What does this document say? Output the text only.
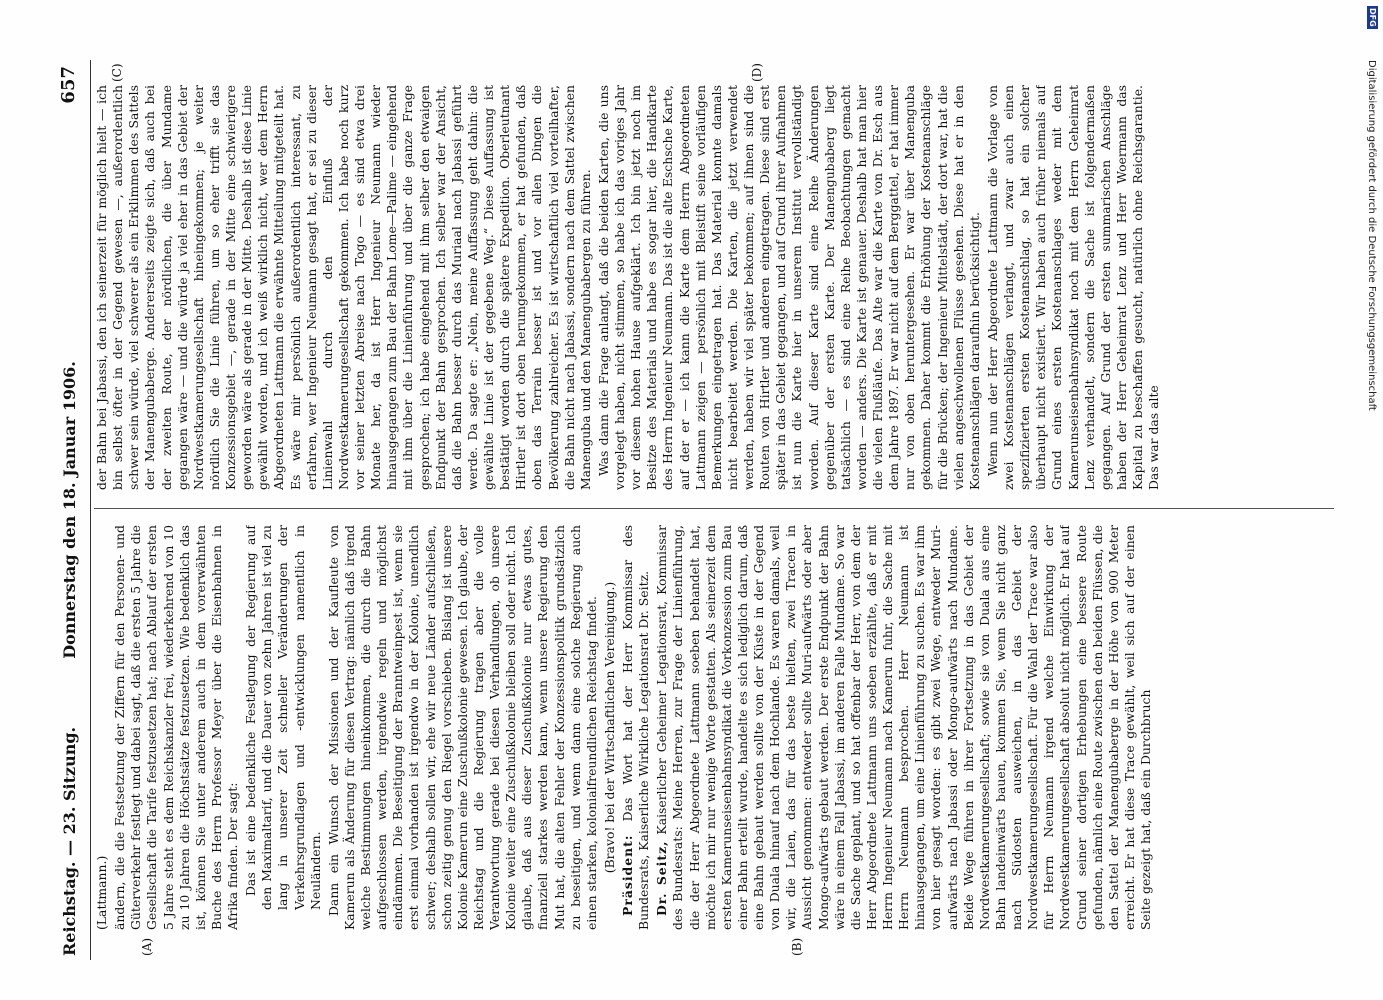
Reichstag. — 23. Sitzung.
Donnerstag den 18. Januar 1906.
657
(A)	(B)
(C)	(D)

(Lattmann.) ändern, die die Festsetzung der Ziffern für den Personen- und Güterverkehr festlegt und dabei sagt, daß die ersten 5 Jahre die Gesellschaft die Tarife festzusetzen hat; nach Ablauf der ersten 5 Jahre steht es dem Reichskanzler frei, wiederkehrend von 10 zu 10 Jahren die Höchstsätze festzusetzen. Wie bedenklich das ist, können Sie unter anderem auch in dem vorerwähnten Buche des Herrn Professor Meyer über die Eisenbahnen in Afrika finden. Der sagt: Das ist eine bedenkliche Festlegung der Regierung auf den Maximaltarif, und die Dauer von zehn Jahren ist viel zu lang in unserer Zeit schneller Veränderungen der Verkehrsgrundlagen und -entwicklungen namentlich in Neuländern. Dann ein Wunsch der Missionen und der Kaufleute von Kamerun als Änderung für diesen Vertrag: nämlich daß irgend welche Bestimmungen hineinkommen, die durch die Bahn aufgeschlossen werden, irgendwie regeln und möglichst eindämmen. Die Beseitigung der Branntweinpest ist, wenn sie erst einmal vorhanden ist irgendwo in der Kolonie, unendlich schwer; deshalb sollen wir, ehe wir neue Länder aufschließen, schon zeitig genug den Riegel vorschieben. Bislang ist unsere Kolonie Kamerun eine Zuschußkolonie gewesen. Ich glaube, der Reichstag und die Regierung tragen aber die volle Verantwortung gerade bei diesen Verhandlungen, ob unsere Kolonie weiter eine Zuschußkolonie bleiben soll oder nicht. Ich glaube, daß aus dieser Zuschußkolonie nur etwas gutes, finanziell starkes werden kann, wenn unsere Regierung den Mut hat, die alten Fehler der Konzessionspolitik grundsätzlich zu beseitigen, und wenn dann eine solche Regierung auch einen starken, kolonialfreundlichen Reichstag findet. (Bravo! bei der Wirtschaftlichen Vereinigung.)

Präsident: Das Wort hat der Herr Kommissar des Bundesrats, Kaiserliche Wirkliche Legationsrat Dr. Seitz. Dr. Seitz, Kaiserlicher Geheimer Legationsrat, Kommissar des Bundesrats: Meine Herren, zur Frage der Linienführung, die der Herr Abgeordnete Lattmann soeben behandelt hat, möchte ich mir nur wenige Worte gestatten. Als seinerzeit dem ersten Kamerunseisenbahnsyndikat die Vorkonzession zum Bau einer Bahn erteilt wurde, handelte es sich lediglich darum, daß eine Bahn gebaut werden sollte von der Küste in der Gegend von Duala hinauf nach dem Hochlande. Es waren damals, weil wir, die Laien, das für das beste hielten, zwei Tracen in Aussicht genommen: entweder sollte Muri-aufwärts oder aber Mongo-aufwärts gebaut werden. Der erste Endpunkt der Bahn wäre in einem Fall Jabassi, im anderen Falle Mundame. So war die Sache geplant, und so hat offenbar der Herr, von dem der Herr Abgeordnete Lattmann uns soeben erzählte, daß er mit Herrn Ingenieur Neumann nach Kamerun fuhr, die Sache mit Herrn Neumann besprochen. Herr Neumann ist hinausgegangen, um eine Linienführung zu suchen. Es war ihm von hier gesagt worden: es gibt zwei Wege, entweder Muri-aufwärts nach Jabassi oder Mongo-aufwärts nach Mundame. Beide Wege führen in ihrer Fortsetzung in das Gebiet der Nordwestkamerungesellschaft; sowie sie von Duala aus eine Bahn landeinwärts bauen, kommen Sie, wenn Sie nicht ganz nach Südosten ausweichen, in das Gebiet der Nordwestkamerungesellschaft. Für die Wahl der Trace war also für Herrn Neumann irgend welche Einwirkung der Nordwestkamerungesellschaft absolut nicht möglich. Er hat auf Grund seiner dortigen Erhebungen eine bessere Route gefunden, nämlich eine Route zwischen den beiden Flüssen, die den Sattel der Manengubaberge in der Höhe von 900 Meter erreicht. Er hat diese Trace gewählt, weil sich auf der einen Seite gezeigt hat, daß ein Durchbruch

der Bahn bei Jabassi, den ich seinerzeit für möglich hielt — ich bin selbst öfter in der Gegend gewesen —, außerordentlich schwer sein würde, viel schwerer als ein Erklimmen des Sattels der Manengubaberge. Andererseits zeigte sich, daß auch bei der zweiten Route, der nördlichen, die über Mundame gegangen wäre — und die würde ja viel eher in das Gebiet der Nordwestkamerungesellschaft hineingekommen; je weiter nördlich Sie die Linie führen, um so eher trifft sie das Konzessionsgebiet —, gerade in der Mitte eine schwierigere geworden wäre als gerade in der Mitte. Deshalb ist diese Linie gewählt worden, und ich weiß wirklich nicht, wer dem Herrn Abgeordneten Lattmann die erwähnte Mitteilung mitgeteilt hat. Es wäre mir persönlich außerordentlich interessant, zu erfahren, wer Ingenieur Neumann gesagt hat, er sei zu dieser Linienwahl durch den Einfluß der Nordwestkamerungesellschaft gekommen. Ich habe noch kurz vor seiner letzten Abreise nach Togo — es sind etwa drei Monate her, da ist Herr Ingenieur Neumann wieder hinausgegangen zum Bau der Bahn Lome—Palime — eingehend mit ihm über die Linienführung und über die ganze Frage gesprochen; ich habe eingehend mit ihm selber den etwaigen Endpunkt der Bahn gesprochen. Ich selber war der Ansicht, daß die Bahn besser durch das Muriaal nach Jabassi geführt werde. Da sagte er: „Nein, meine Auffassung geht dahin: die gewählte Linie ist der gegebene Weg.“ Diese Auffassung ist bestätigt worden durch die spätere Expedition. Oberleutnant Hirtler ist dort oben herumgekommen, er hat gefunden, daß oben das Terrain besser ist und vor allen Dingen die Bevölkerung zahlreicher. Es ist wirtschaftlich viel vorteilhafter, die Bahn nicht nach Jabassi, sondern nach dem Sattel zwischen Manenguba und den Manengubabergen zu führen. Was dann die Frage anlangt, daß die beiden Karten, die uns vorgelegt haben, nicht stimmen, so habe ich das voriges Jahr vor diesem hohen Hause aufgeklärt. Ich bin jetzt noch im Besitze des Materials und habe es sogar hier, die Handkarte des Herrn Ingenieur Neumann. Das ist die alte Eschsche Karte, auf der er — ich kann die Karte dem Herrn Abgeordneten Lattmann zeigen — persönlich mit Bleistift seine vorläufigen Bemerkungen eingetragen hat. Das Material konnte damals nicht bearbeitet werden. Die Karten, die jetzt verwendet werden, haben wir viel später bekommen; auf ihnen sind die Routen von Hirtler und anderen eingetragen. Diese sind erst später in das Gebiet gegangen, und auf Grund ihrer Aufnahmen ist nun die Karte hier in unserem Institut vervollständigt worden. Auf dieser Karte sind eine Reihe Änderungen gegenüber der ersten Karte. Der Manengubaberg liegt tatsächlich — es sind eine Reihe Beobachtungen gemacht worden — anders. Die Karte ist genauer. Deshalb hat man hier die vielen Flußläufe. Das Alte war die Karte von Dr. Esch aus dem Jahre 1897. Er war nicht auf dem Berggattel, er hat immer nur von oben heruntergesehen. Er war über Manenguba gekommen. Daher kommt die Erhöhung der Kostenanschläge für die Brücken; der Ingenieur Mittelstädt, der dort war, hat die vielen angeschwollenen Flüsse gesehen. Diese hat er in den Kostenanschlägen daraufhin berücksichtigt. Wenn nun der Herr Abgeordnete Lattmann die Vorlage von zwei Kostenanschlägen verlangt, und zwar auch einen spezifizierten ersten Kostenanschlag, so hat ein solcher überhaupt nicht existiert. Wir haben auch früher niemals auf Grund eines ersten Kostenanschlages weder mit dem Kamerunseisenbahnsyndikat noch mit dem Herrn Geheimrat Lenz verhandelt, sondern die Sache ist folgendermaßen gegangen. Auf Grund der ersten summarischen Anschläge haben der Herr Geheimrat Lenz und Herr Woermann das Kapital zu beschaffen gesucht, natürlich ohne Reichsgarantie. Das war das alte

DFG
Digitalisierung gefördert durch die Deutsche Forschungsgemeinschaft
